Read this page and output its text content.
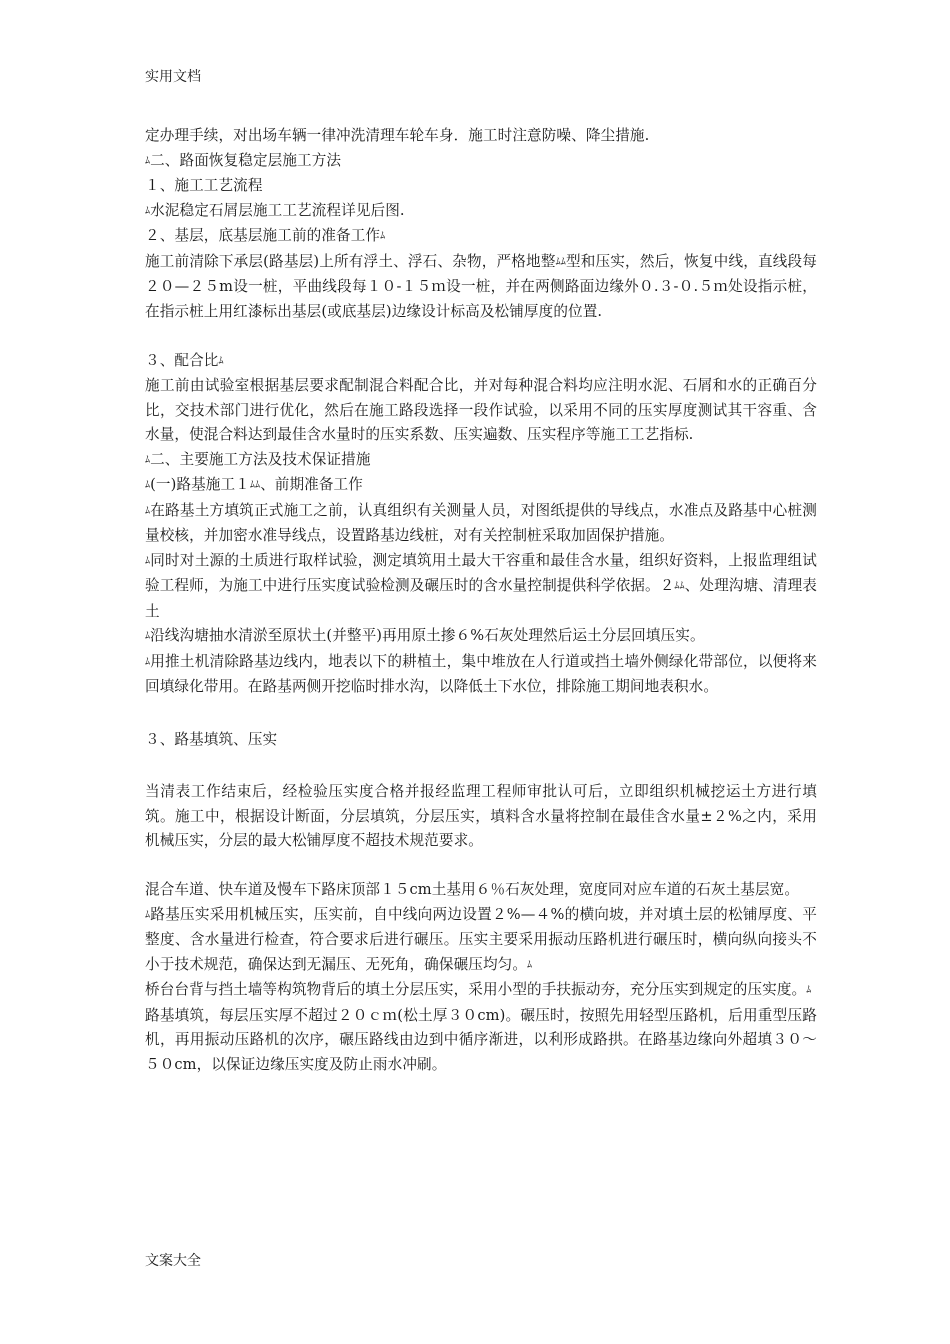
实用文档

定办理手续，对出场车辆一律冲洗清理车轮车身．施工时注意防噪、降尘措施.

ﾑ二、路面恢复稳定层施工方法

１、施工工艺流程

ﾑ水泥稳定石屑层施工工艺流程详见后图.

２、基层，底基层施工前的准备工作ﾑ

施工前清除下承层(路基层)上所有浮土、浮石、杂物，严格地整ﾑﾑ型和压实，然后，恢复中线，直线段每２０—２５m设一桩，平曲线段每１０-１５ｍ设一桩，并在两侧路面边缘外０.３-０.５ｍ处设指示桩，在指示桩上用红漆标出基层(或底基层)边缘设计标高及松铺厚度的位置.

３、配合比ﾑ

施工前由试验室根据基层要求配制混合料配合比，并对每种混合料均应注明水泥、石屑和水的正确百分比，交技术部门进行优化，然后在施工路段选择一段作试验，以采用不同的压实厚度测试其干容重、含水量，使混合料达到最佳含水量时的压实系数、压实遍数、压实程序等施工工艺指标.

ﾑ二、主要施工方法及技术保证措施

ﾑ(一)路基施工１ﾑﾑ、前期准备工作

ﾑ在路基土方填筑正式施工之前，认真组织有关测量人员，对图纸提供的导线点，水准点及路基中心桩测量校核，并加密水准导线点，设置路基边线桩，对有关控制桩采取加固保护措施。

ﾑ同时对土源的土质进行取样试验，测定填筑用土最大干容重和最佳含水量，组织好资料，上报监理组试验工程师，为施工中进行压实度试验检测及碾压时的含水量控制提供科学依据。２ﾑﾑ、处理沟塘、清理表土

ﾑ沿线沟塘抽水清淤至原状土(并整平)再用原土掺６%石灰处理然后运土分层回填压实。

ﾑ用推土机清除路基边线内，地表以下的耕植土，集中堆放在人行道或挡土墙外侧绿化带部位，以便将来回填绿化带用。在路基两侧开挖临时排水沟，以降低土下水位，排除施工期间地表积水。

３、路基填筑、压实

当清表工作结束后，经检验压实度合格并报经监理工程师审批认可后，立即组织机械挖运土方进行填筑。施工中，根据设计断面，分层填筑，分层压实，填料含水量将控制在最佳含水量±２%之内，采用机械压实，分层的最大松铺厚度不超技术规范要求。

混合车道、快车道及慢车下路床顶部１５cm土基用６％石灰处理，宽度同对应车道的石灰土基层宽。

ﾑ路基压实采用机械压实，压实前，自中线向两边设置２%—４%的横向坡，并对填土层的松铺厚度、平整度、含水量进行检查，符合要求后进行碾压。压实主要采用振动压路机进行碾压时，横向纵向接头不小于技术规范，确保达到无漏压、无死角，确保碾压均匀。ﾑ

桥台台背与挡土墙等构筑物背后的填土分层压实，采用小型的手扶振动夯，充分压实到规定的压实度。ﾑ

路基填筑，每层压实厚不超过２０ｃｍ(松土厚３０cm)。碾压时，按照先用轻型压路机，后用重型压路机，再用振动压路机的次序，碾压路线由边到中循序渐进，以利形成路拱。在路基边缘向外超填３０～５０cm，以保证边缘压实度及防止雨水冲刷。

文案大全
